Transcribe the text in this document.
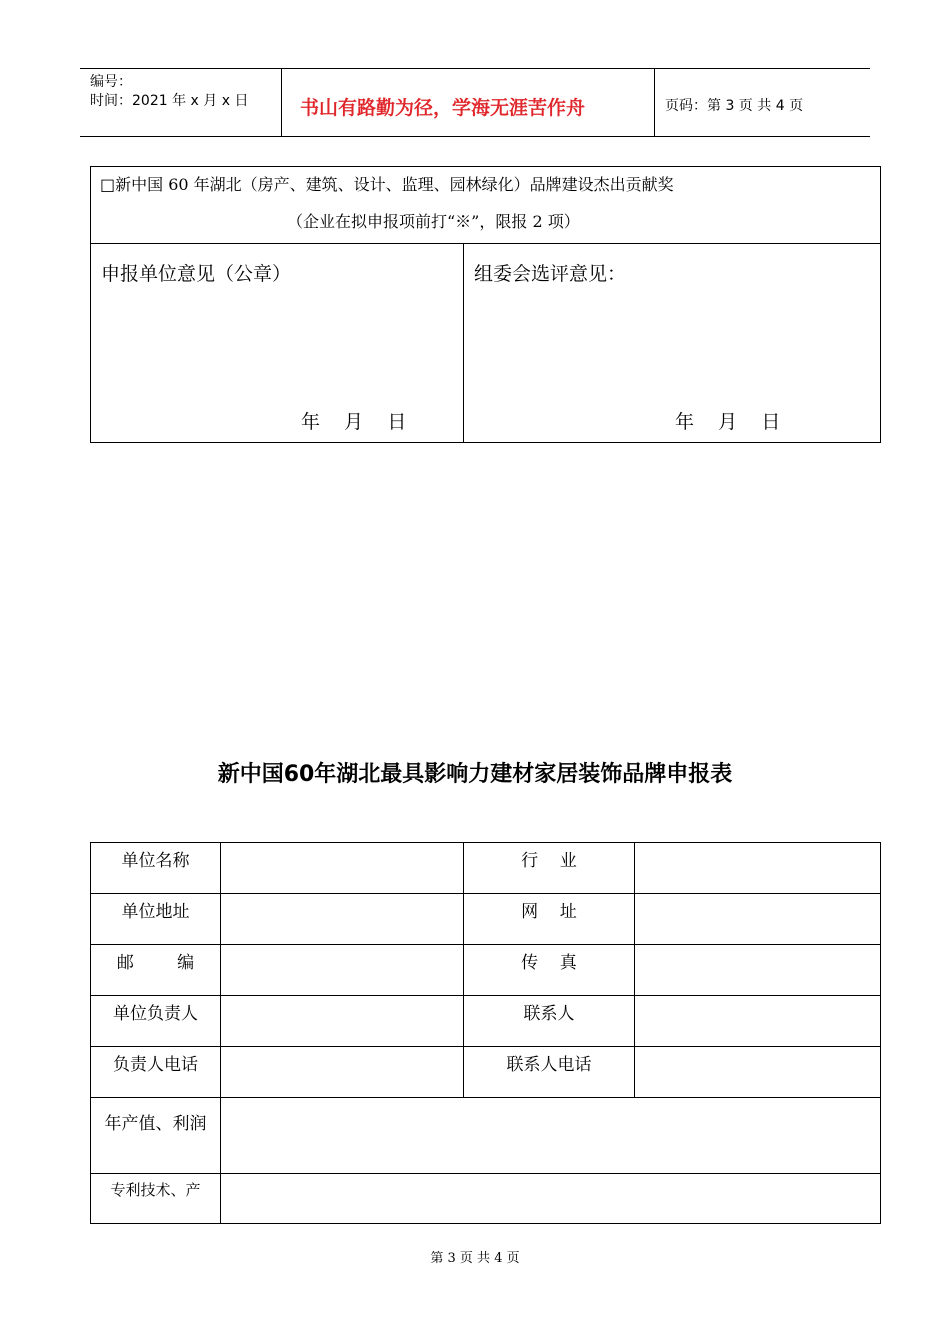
编号：
时间：2021 年 x 月 x 日	书山有路勤为径，学海无涯苦作舟	页码：第 3 页 共 4 页
□新中国 60 年湖北（房产、建筑、设计、监理、园林绿化）品牌建设杰出贡献奖
（企业在拟申报项前打“※”，限报 2 项）
申报单位意见（公章）
年    月    日
组委会选评意见：
年    月    日
新中国60年湖北最具影响力建材家居装饰品牌申报表
单位名称		行    业	
单位地址		网    址	
邮        编		传    真	
单位负责人		联系人	
负责人电话		联系人电话	
年产值、利润			
专利技术、产			
第 3 页 共 4 页
